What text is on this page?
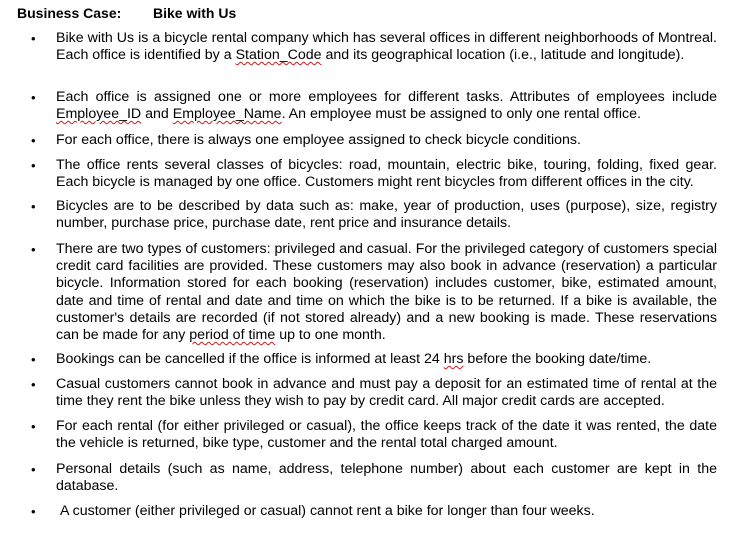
Business Case: Bike with Us
• Bike with Us is a bicycle rental company which has several offices in different neighborhoods of Montreal. Each office is identified by a Station_Code and its geographical location (i.e., latitude and longitude).
• Each office is assigned one or more employees for different tasks. Attributes of employees include Employee_ID and Employee_Name. An employee must be assigned to only one rental office.
• For each office, there is always one employee assigned to check bicycle conditions.
• The office rents several classes of bicycles: road, mountain, electric bike, touring, folding, fixed gear. Each bicycle is managed by one office. Customers might rent bicycles from different offices in the city.
• Bicycles are to be described by data such as: make, year of production, uses (purpose), size, registry number, purchase price, purchase date, rent price and insurance details.
• There are two types of customers: privileged and casual. For the privileged category of customers special credit card facilities are provided. These customers may also book in advance (reservation) a particular bicycle. Information stored for each booking (reservation) includes customer, bike, estimated amount, date and time of rental and date and time on which the bike is to be returned. If a bike is available, the customer's details are recorded (if not stored already) and a new booking is made. These reservations can be made for any period of time up to one month.
• Bookings can be cancelled if the office is informed at least 24 hrs before the booking date/time.
• Casual customers cannot book in advance and must pay a deposit for an estimated time of rental at the time they rent the bike unless they wish to pay by credit card. All major credit cards are accepted.
• For each rental (for either privileged or casual), the office keeps track of the date it was rented, the date the vehicle is returned, bike type, customer and the rental total charged amount.
• Personal details (such as name, address, telephone number) about each customer are kept in the database.
• A customer (either privileged or casual) cannot rent a bike for longer than four weeks.
